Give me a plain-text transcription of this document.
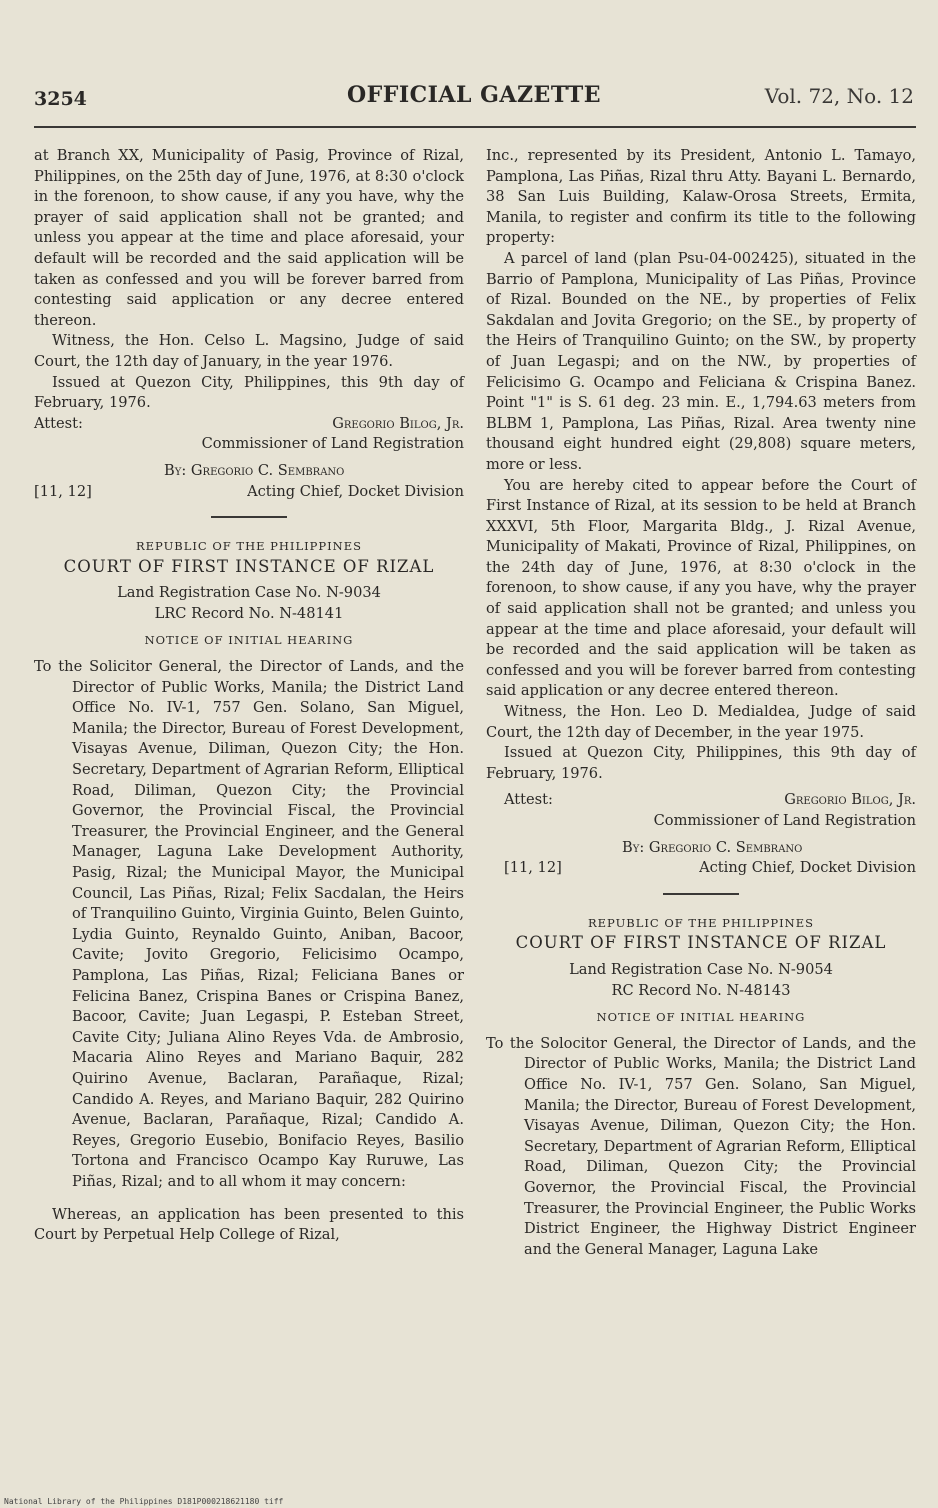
3254	OFFICIAL GAZETTE	Vol. 72, No. 12

at Branch XX, Municipality of Pasig, Province of Rizal, Philippines, on the 25th day of June, 1976, at 8:30 o'clock in the forenoon, to show cause, if any you have, why the prayer of said application shall not be granted; and unless you appear at the time and place aforesaid, your default will be recorded and the said application will be taken as confessed and you will be forever barred from contesting said application or any decree entered thereon.

Witness, the Hon. Celso L. Magsino, Judge of said Court, the 12th day of January, in the year 1976.

Issued at Quezon City, Philippines, this 9th day of February, 1976.

Attest:	Gregorio Bilog, Jr.
Commissioner of Land Registration
By: Gregorio C. Sembrano
[11, 12]	Acting Chief, Docket Division
REPUBLIC OF THE PHILIPPINES
COURT OF FIRST INSTANCE OF RIZAL
Land Registration Case No. N-9034
LRC Record No. N-48141
NOTICE OF INITIAL HEARING

To the Solicitor General, the Director of Lands, and the Director of Public Works, Manila; the District Land Office No. IV-1, 757 Gen. Solano, San Miguel, Manila; the Director, Bureau of Forest Development, Visayas Avenue, Diliman, Quezon City; the Hon. Secretary, Department of Agrarian Reform, Elliptical Road, Diliman, Quezon City; the Provincial Governor, the Provincial Fiscal, the Provincial Treasurer, the Provincial Engineer, and the General Manager, Laguna Lake Development Authority, Pasig, Rizal; the Municipal Mayor, the Municipal Council, Las Piñas, Rizal; Felix Sacdalan, the Heirs of Tranquilino Guinto, Virginia Guinto, Belen Guinto, Lydia Guinto, Reynaldo Guinto, Aniban, Bacoor, Cavite; Jovito Gregorio, Felicisimo Ocampo, Pamplona, Las Piñas, Rizal; Feliciana Banes or Felicina Banez, Crispina Banes or Crispina Banez, Bacoor, Cavite; Juan Legaspi, P. Esteban Street, Cavite City; Juliana Alino Reyes Vda. de Ambrosio, Macaria Alino Reyes and Mariano Baquir, 282 Quirino Avenue, Baclaran, Parañaque, Rizal; Candido A. Reyes, and Mariano Baquir, 282 Quirino Avenue, Baclaran, Parañaque, Rizal; Candido A. Reyes, Gregorio Eusebio, Bonifacio Reyes, Basilio Tortona and Francisco Ocampo Kay Ruruwe, Las Piñas, Rizal; and to all whom it may concern:

Whereas, an application has been presented to this Court by Perpetual Help College of Rizal,

Inc., represented by its President, Antonio L. Tamayo, Pamplona, Las Piñas, Rizal thru Atty. Bayani L. Bernardo, 38 San Luis Building, Kalaw-Orosa Streets, Ermita, Manila, to register and confirm its title to the following property:

A parcel of land (plan Psu-04-002425), situated in the Barrio of Pamplona, Municipality of Las Piñas, Province of Rizal. Bounded on the NE., by properties of Felix Sakdalan and Jovita Gregorio; on the SE., by property of the Heirs of Tranquilino Guinto; on the SW., by property of Juan Legaspi; and on the NW., by properties of Felicisimo G. Ocampo and Feliciana & Crispina Banez. Point "1" is S. 61 deg. 23 min. E., 1,794.63 meters from BLBM 1, Pamplona, Las Piñas, Rizal. Area twenty nine thousand eight hundred eight (29,808) square meters, more or less.

You are hereby cited to appear before the Court of First Instance of Rizal, at its session to be held at Branch XXXVI, 5th Floor, Margarita Bldg., J. Rizal Avenue, Municipality of Makati, Province of Rizal, Philippines, on the 24th day of June, 1976, at 8:30 o'clock in the forenoon, to show cause, if any you have, why the prayer of said application shall not be granted; and unless you appear at the time and place aforesaid, your default will be recorded and the said application will be taken as confessed and you will be forever barred from contesting said application or any decree entered thereon.

Witness, the Hon. Leo D. Medialdea, Judge of said Court, the 12th day of December, in the year 1975.

Issued at Quezon City, Philippines, this 9th day of February, 1976.

Attest:	Gregorio Bilog, Jr.
Commissioner of Land Registration
By: Gregorio C. Sembrano
[11, 12]	Acting Chief, Docket Division
REPUBLIC OF THE PHILIPPINES
COURT OF FIRST INSTANCE OF RIZAL
Land Registration Case No. N-9054
RC Record No. N-48143
NOTICE OF INITIAL HEARING

To the Solocitor General, the Director of Lands, and the Director of Public Works, Manila; the District Land Office No. IV-1, 757 Gen. Solano, San Miguel, Manila; the Director, Bureau of Forest Development, Visayas Avenue, Diliman, Quezon City; the Hon. Secretary, Department of Agrarian Reform, Elliptical Road, Diliman, Quezon City; the Provincial Governor, the Provincial Fiscal, the Provincial Treasurer, the Provincial Engineer, the Public Works District Engineer, the Highway District Engineer and the General Manager, Laguna Lake

National Library of the Philippines D181P000218621180 tiff
